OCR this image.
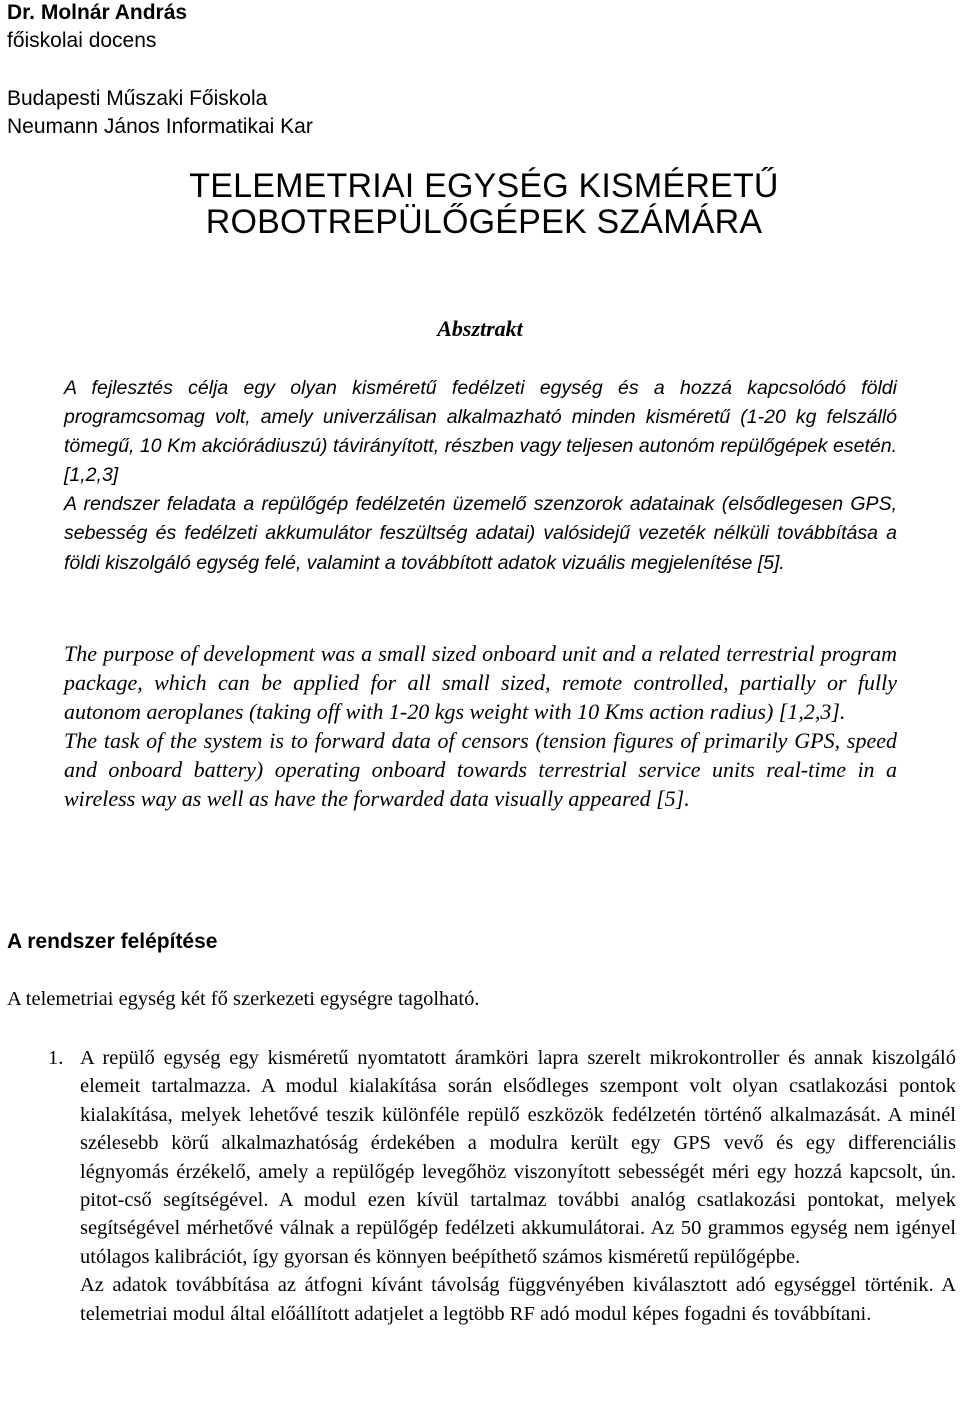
Dr. Molnár András
főiskolai docens
Budapesti Műszaki Főiskola
Neumann János Informatikai Kar
TELEMETRIAI EGYSÉG KISMÉRETŰ
ROBOTREPÜLŐGÉPEK SZÁMÁRA
Absztrakt

A fejlesztés célja egy olyan kisméretű fedélzeti egység és a hozzá kapcsolódó földi programcsomag volt, amely univerzálisan alkalmazható minden kisméretű (1-20 kg felszálló tömegű, 10 Km akciórádiuszú) távirányított, részben vagy teljesen autonóm repülőgépek esetén. [1,2,3]

A rendszer feladata a repülőgép fedélzetén üzemelő szenzorok adatainak (elsődlegesen GPS, sebesség és fedélzeti akkumulátor feszültség adatai) valósidejű vezeték nélküli továbbítása a földi kiszolgáló egység felé, valamint a továbbított adatok vizuális megjelenítése [5].

The purpose of development was a small sized onboard unit and a related terrestrial program package, which can be applied for all small sized, remote controlled, partially or fully autonom aeroplanes (taking off with 1-20 kgs weight with 10 Kms action radius) [1,2,3].

The task of the system is to forward data of censors (tension figures of primarily GPS, speed and onboard battery) operating onboard towards terrestrial service units real-time in a wireless way as well as have the forwarded data visually appeared [5].

A rendszer felépítése
A telemetriai egység két fő szerkezeti egységre tagolható.
1. A repülő egység egy kisméretű nyomtatott áramköri lapra szerelt mikrokontroller és annak kiszolgáló elemeit tartalmazza. A modul kialakítása során elsődleges szempont volt olyan csatlakozási pontok kialakítása, melyek lehetővé teszik különféle repülő eszközök fedélzetén történő alkalmazását. A minél szélesebb körű alkalmazhatóság érdekében a modulra került egy GPS vevő és egy differenciális légnyomás érzékelő, amely a repülőgép levegőhöz viszonyított sebességét méri egy hozzá kapcsolt, ún. pitot-cső segítségével. A modul ezen kívül tartalmaz további analóg csatlakozási pontokat, melyek segítségével mérhetővé válnak a repülőgép fedélzeti akkumulátorai. Az 50 grammos egység nem igényel utólagos kalibrációt, így gyorsan és könnyen beépíthető számos kisméretű repülőgépbe.

Az adatok továbbítása az átfogni kívánt távolság függvényében kiválasztott adó egységgel történik. A telemetriai modul által előállított adatjelet a legtöbb RF adó modul képes fogadni és továbbítani.
